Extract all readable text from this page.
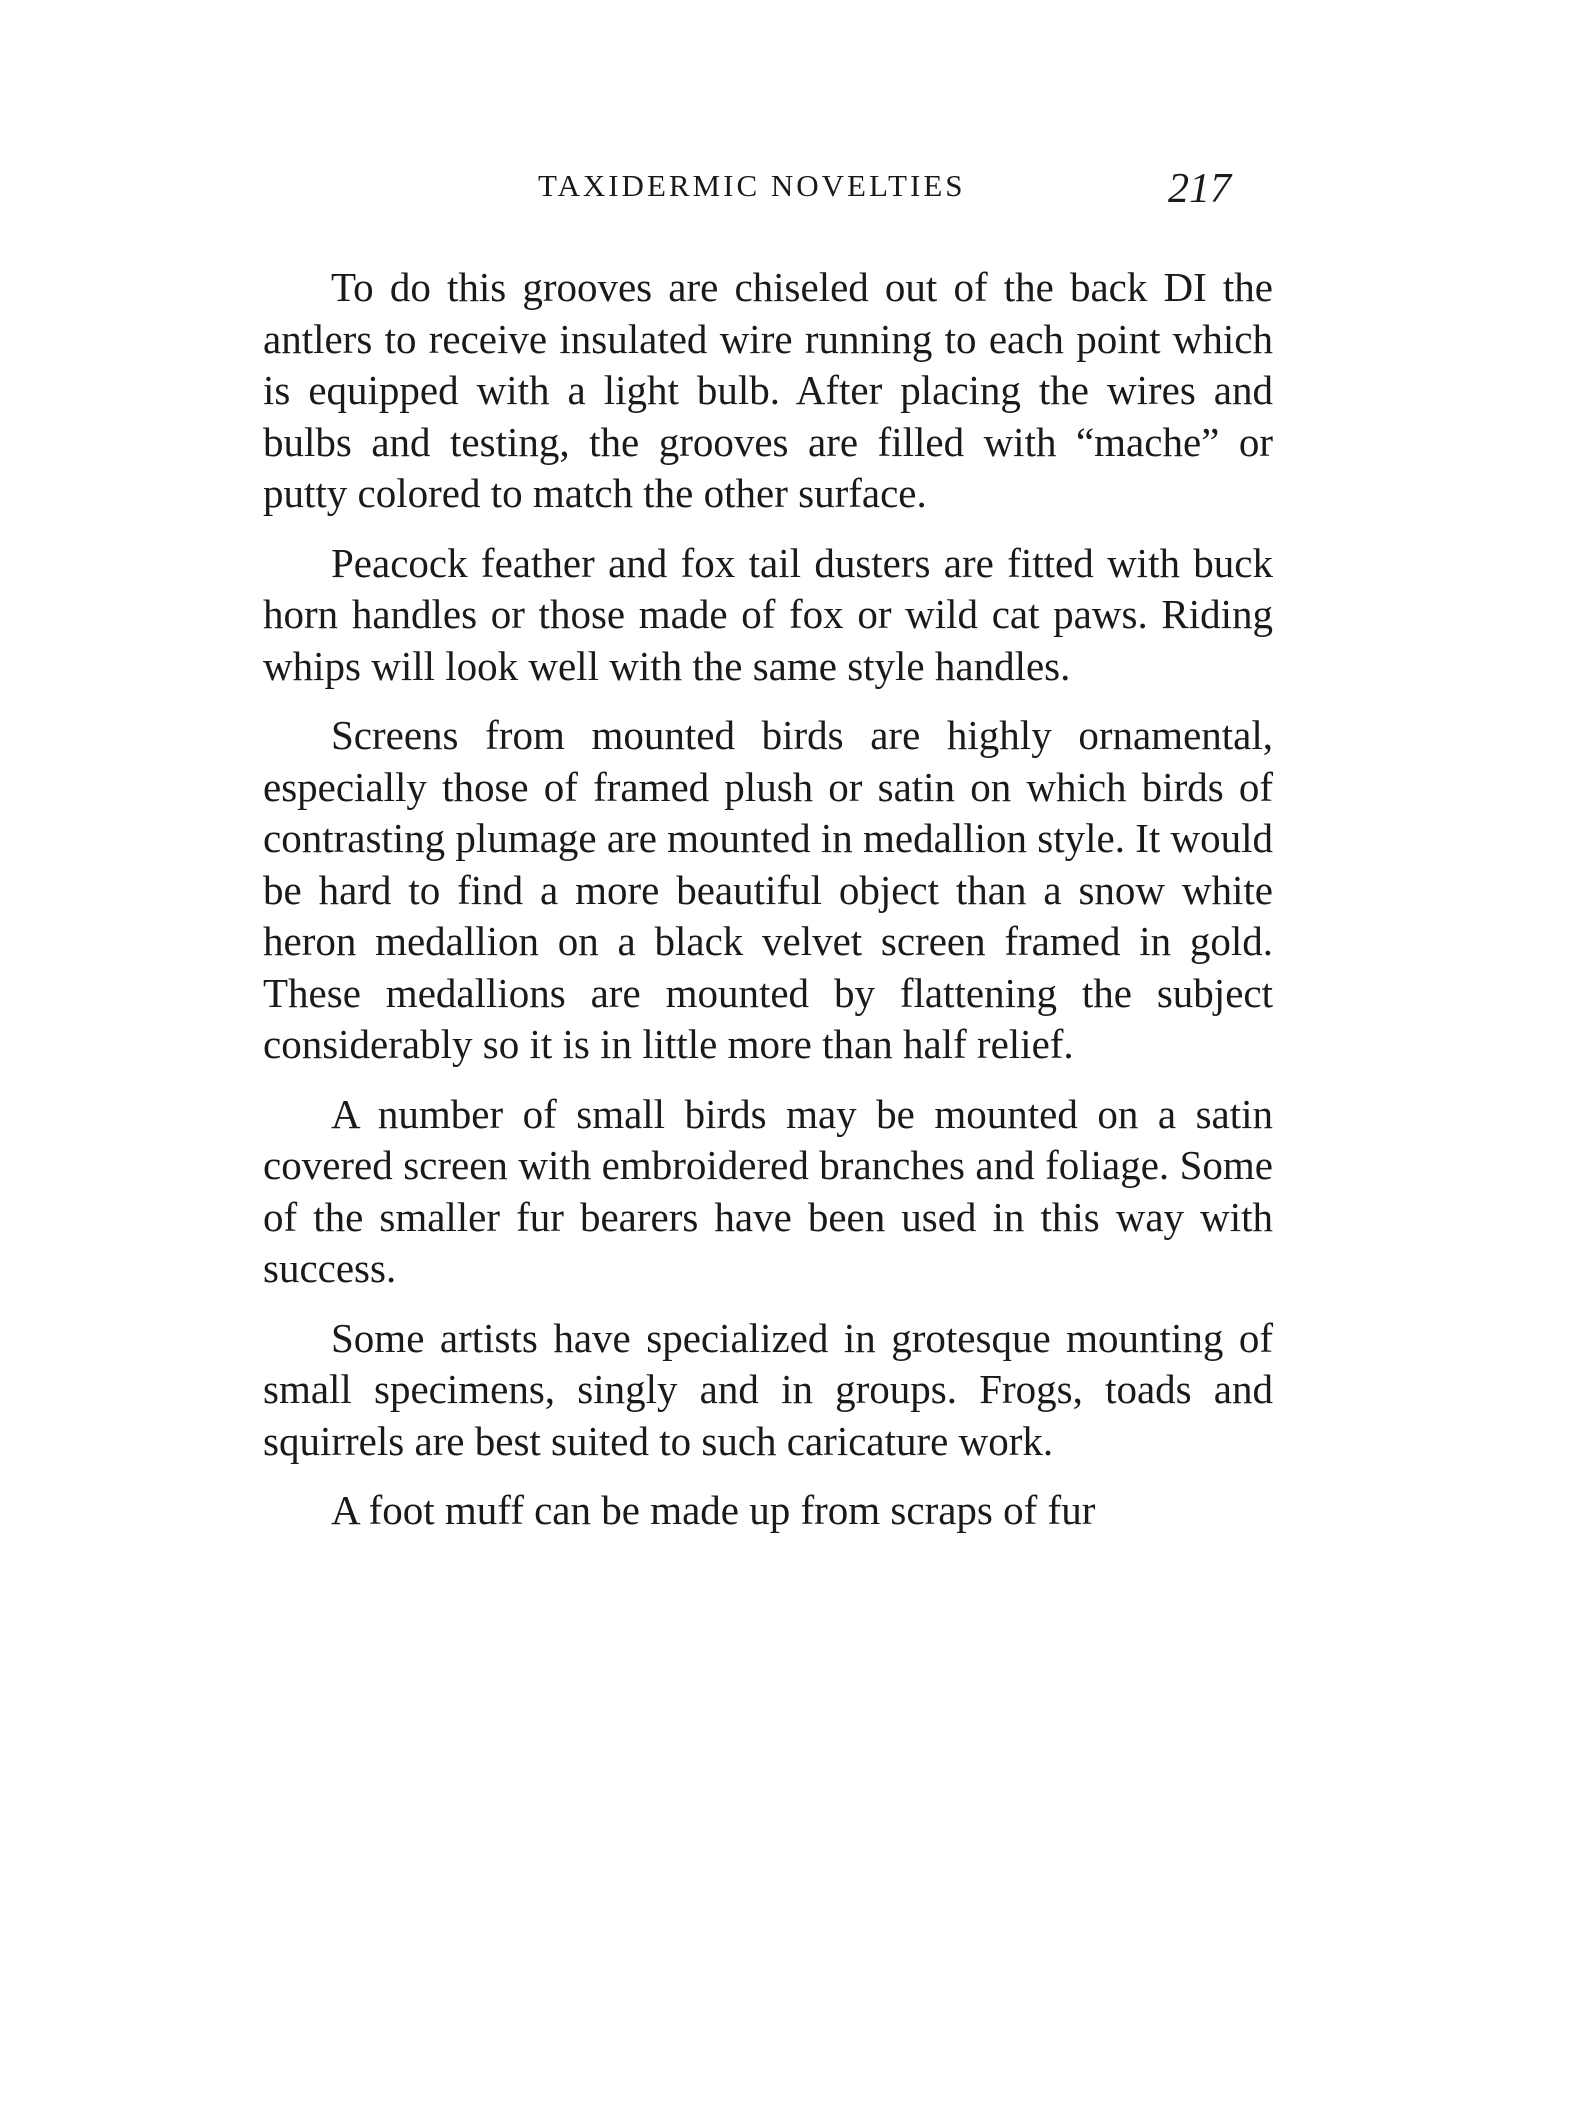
TAXIDERMIC NOVELTIES	217

To do this grooves are chiseled out of the back DI the antlers to receive insulated wire running to each point which is equipped with a light bulb. After placing the wires and bulbs and testing, the grooves are filled with “mache” or putty colored to match the other surface.

Peacock feather and fox tail dusters are fitted with buck horn handles or those made of fox or wild cat paws. Riding whips will look well with the same style handles.

Screens from mounted birds are highly ornamental, especially those of framed plush or satin on which birds of contrasting plumage are mounted in medallion style. It would be hard to find a more beautiful object than a snow white heron medallion on a black velvet screen framed in gold. These medallions are mounted by flattening the subject considerably so it is in little more than half relief.

A number of small birds may be mounted on a satin covered screen with embroidered branches and foliage. Some of the smaller fur bearers have been used in this way with success.

Some artists have specialized in grotesque mounting of small specimens, singly and in groups. Frogs, toads and squirrels are best suited to such caricature work.

A foot muff can be made up from scraps of fur
